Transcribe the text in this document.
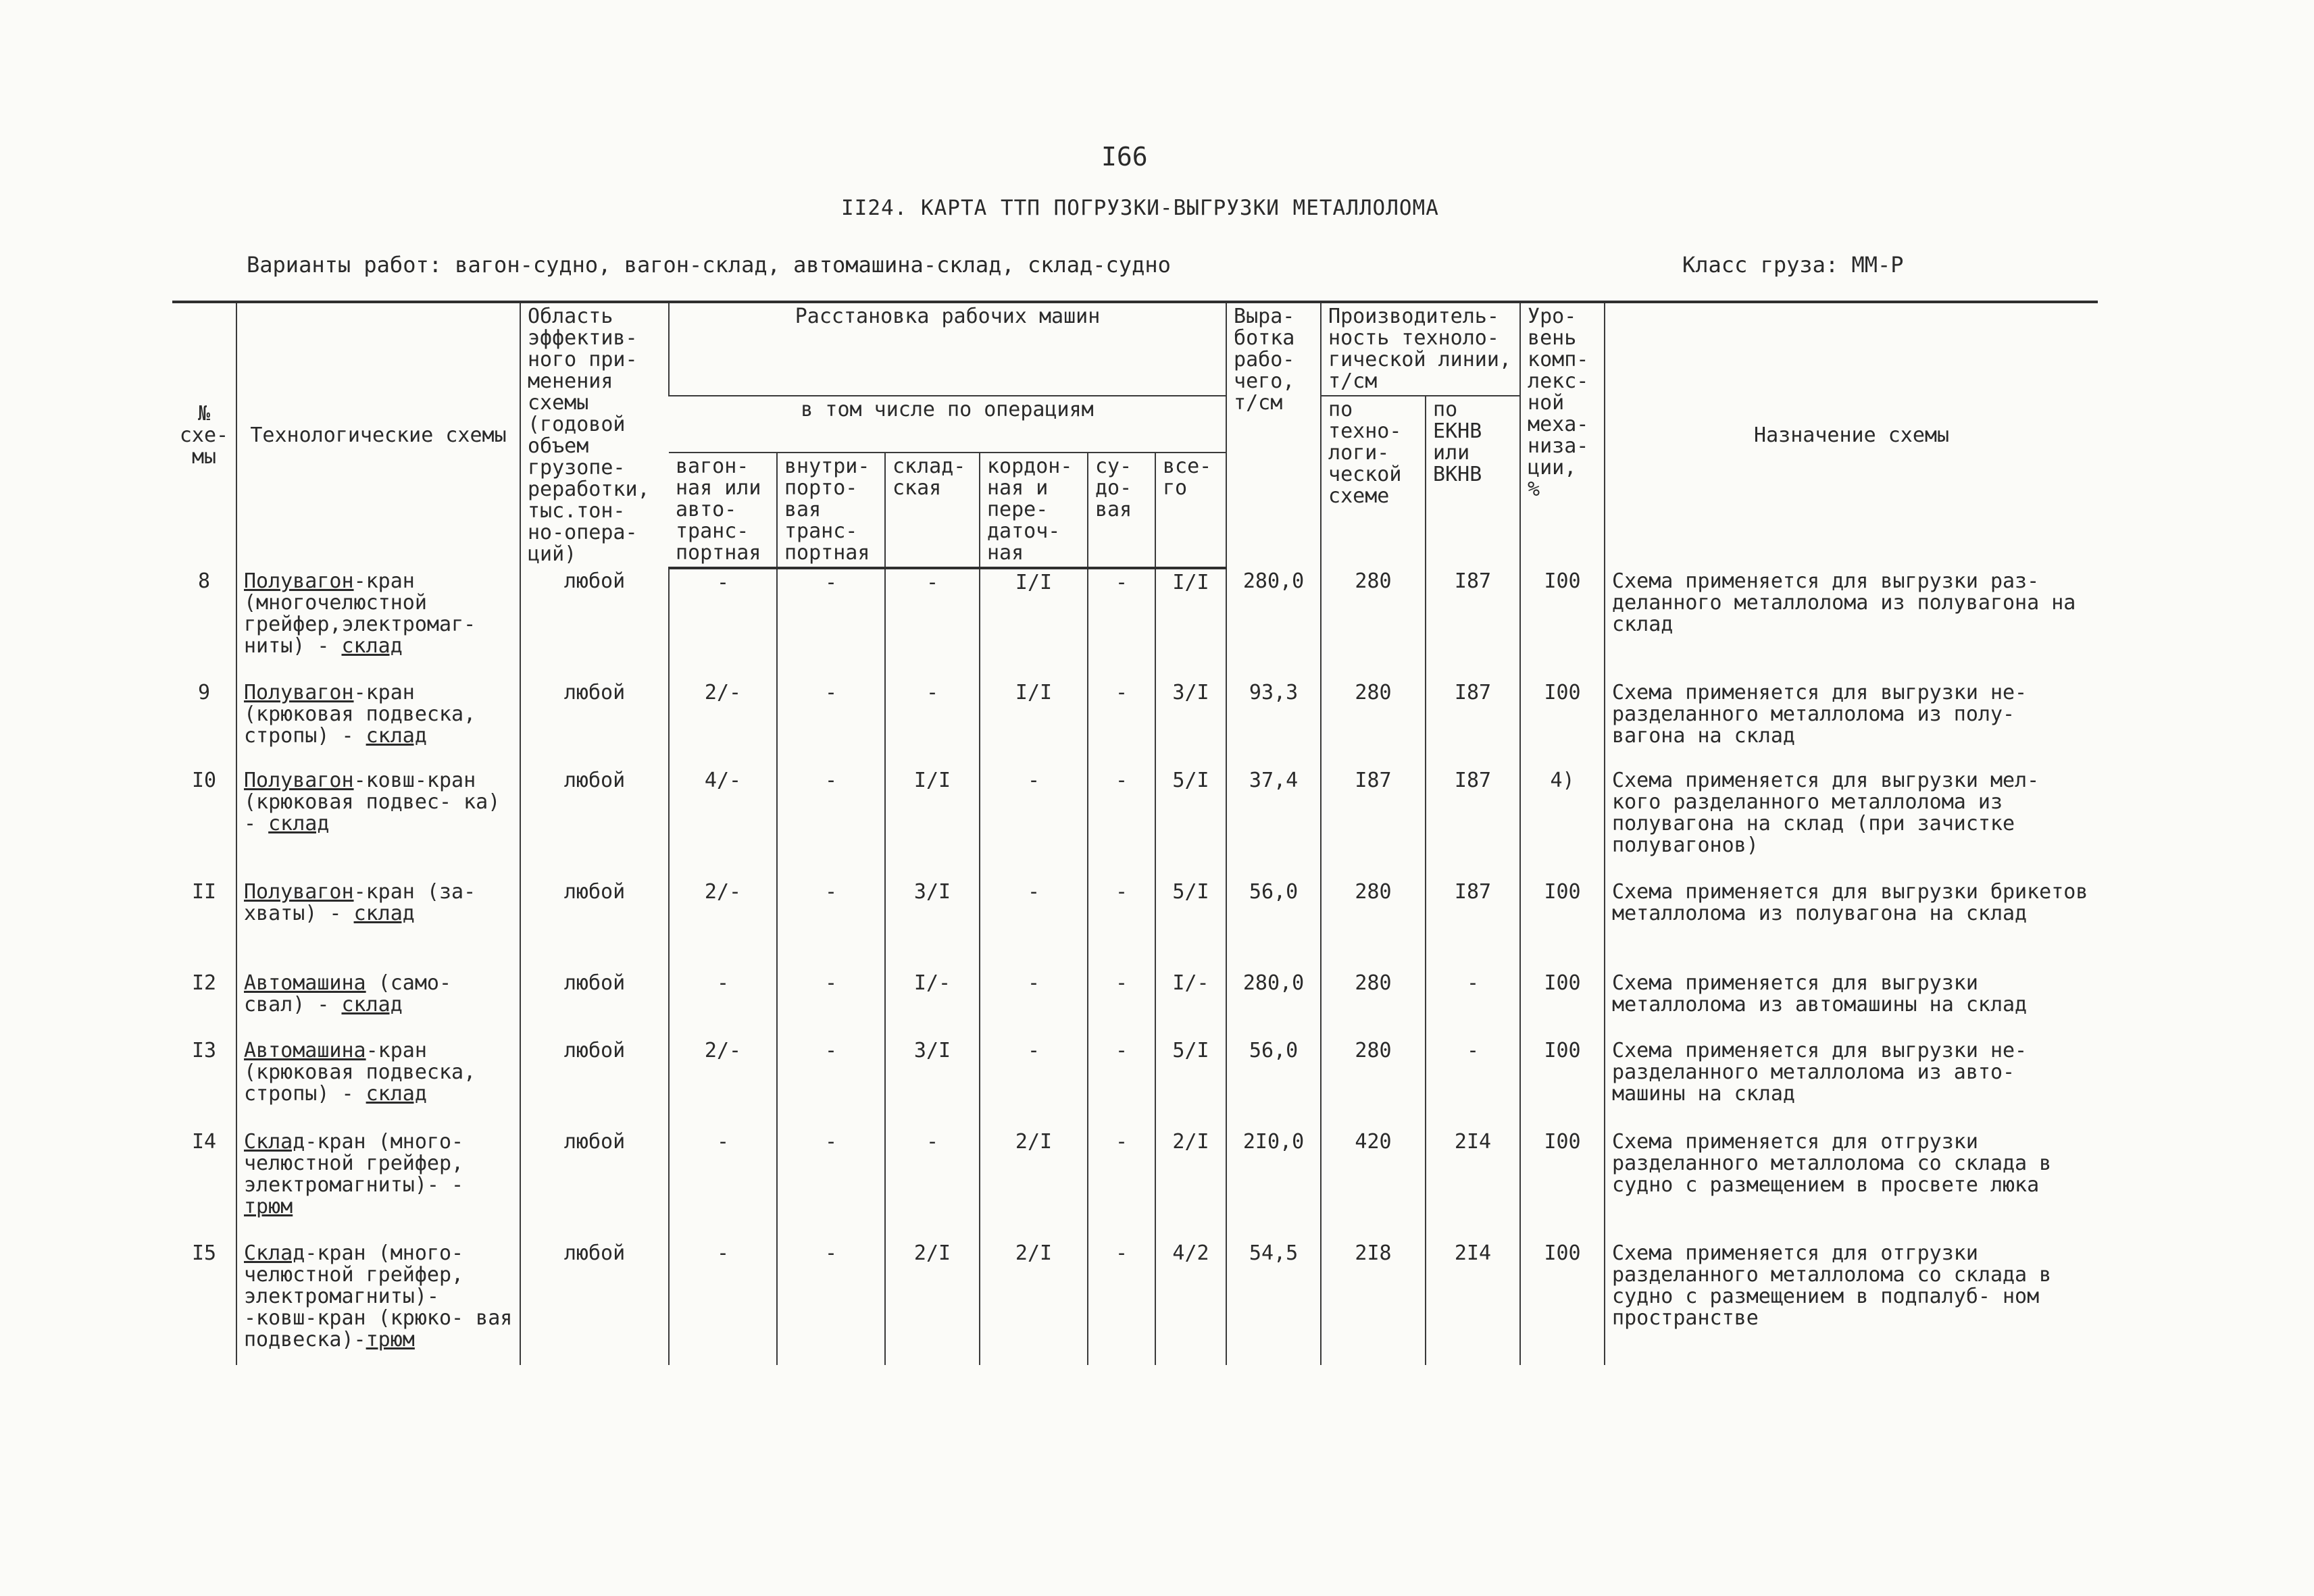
I66
II24. КАРТА ТТП ПОГРУЗКИ-ВЫГРУЗКИ МЕТАЛЛОЛОМА
Варианты работ: вагон-судно, вагон-склад, автомашина-склад, склад-судно	Класс груза: ММ-Р
№ схе- мы	Технологические схемы	Область эффектив- ного при- менения схемы (годовой объем грузопе- реработки, тыс.тон- но-опера- ций)	Расстановка рабочих машин						Выра- ботка рабо- чего, т/см	Производитель- ность техноло- гической линии, т/см		Уро- вень комп- лекс- ной меха- низа- ции, %	Назначение схемы
			в том числе по операциям							по техно- логи- ческой схеме	по ЕКНВ или ВКНВ		
			вагон- ная или авто- транс- портная	внутри- порто- вая транс- портная	склад- ская	кордон- ная и пере- даточ- ная	су- до- вая	все- го					
8	Полувагон-кран (многочелюстной грейфер,электромаг- ниты) - склад	любой	-	-	-	I/I	-	I/I	280,0	280	I87	I00	Схема применяется для выгрузки раз- деланного металлолома из полувагона на склад
9	Полувагон-кран (крюковая подвеска, стропы) - склад	любой	2/-	-	-	I/I	-	3/I	93,3	280	I87	I00	Схема применяется для выгрузки не- разделанного металлолома из полу- вагона на склад
I0	Полувагон-ковш-кран (крюковая подвес- ка) - склад	любой	4/-	-	I/I	-	-	5/I	37,4	I87	I87	4)	Схема применяется для выгрузки мел- кого разделанного металлолома из полувагона на склад (при зачистке полувагонов)
II	Полувагон-кран (за- хваты) - склад	любой	2/-	-	3/I	-	-	5/I	56,0	280	I87	I00	Схема применяется для выгрузки брикетов металлолома из полувагона на склад
I2	Автомашина (само- свал) - склад	любой	-	-	I/-	-	-	I/-	280,0	280	-	I00	Схема применяется для выгрузки металлолома из автомашины на склад
I3	Автомашина-кран (крюковая подвеска, стропы) - склад	любой	2/-	-	3/I	-	-	5/I	56,0	280	-	I00	Схема применяется для выгрузки не- разделанного металлолома из авто- машины на склад
I4	Склад-кран (много- челюстной грейфер, электромагниты)- - трюм	любой	-	-	-	2/I	-	2/I	2I0,0	420	2I4	I00	Схема применяется для отгрузки разделанного металлолома со склада в судно с размещением в просвете люка
I5	Склад-кран (много- челюстной грейфер, электромагниты)- -ковш-кран (крюко- вая подвеска)-трюм	любой	-	-	2/I	2/I	-	4/2	54,5	2I8	2I4	I00	Схема применяется для отгрузки разделанного металлолома со склада в судно с размещением в подпалуб- ном пространстве
